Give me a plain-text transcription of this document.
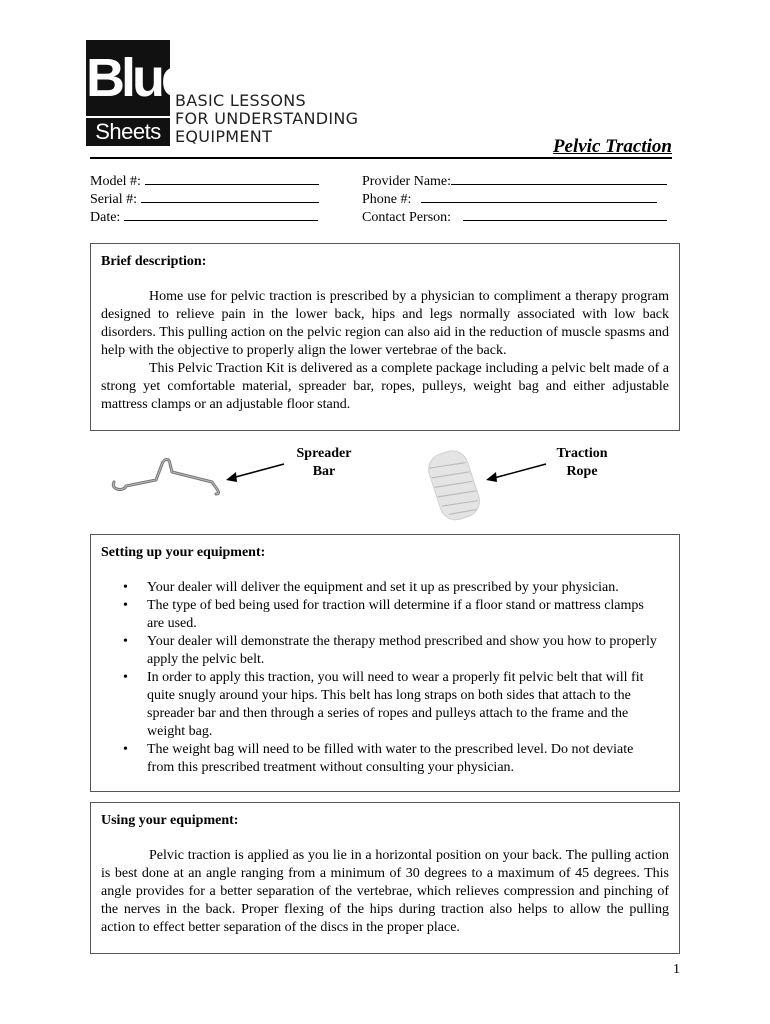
Blue
Sheets
BASIC LESSONS
FOR UNDERSTANDING
EQUIPMENT	Pelvic Traction
Model #:
Serial #:
Date:
Provider Name:
Phone #:
Contact Person:
Brief description:

Home use for pelvic traction is prescribed by a physician to compliment a therapy program designed to relieve pain in the lower back, hips and legs normally associated with low back disorders. This pulling action on the pelvic region can also aid in the reduction of muscle spasms and help with the objective to properly align the lower vertebrae of the back.

This Pelvic Traction Kit is delivered as a complete package including a pelvic belt made of a strong yet comfortable material, spreader bar, ropes, pulleys, weight bag and either adjustable mattress clamps or an adjustable floor stand.

Spreader
Bar
Traction
Rope
Setting up your equipment:
• Your dealer will deliver the equipment and set it up as prescribed by your physician.
• The type of bed being used for traction will determine if a floor stand or mattress clamps are used.
• Your dealer will demonstrate the therapy method prescribed and show you how to properly apply the pelvic belt.
• In order to apply this traction, you will need to wear a properly fit pelvic belt that will fit quite snugly around your hips. This belt has long straps on both sides that attach to the spreader bar and then through a series of ropes and pulleys attach to the frame and the weight bag.
• The weight bag will need to be filled with water to the prescribed level. Do not deviate from this prescribed treatment without consulting your physician.
Using your equipment:

Pelvic traction is applied as you lie in a horizontal position on your back. The pulling action is best done at an angle ranging from a minimum of 30 degrees to a maximum of 45 degrees. This angle provides for a better separation of the vertebrae, which relieves compression and pinching of the nerves in the back. Proper flexing of the hips during traction also helps to allow the pulling action to effect better separation of the discs in the proper place.

1
